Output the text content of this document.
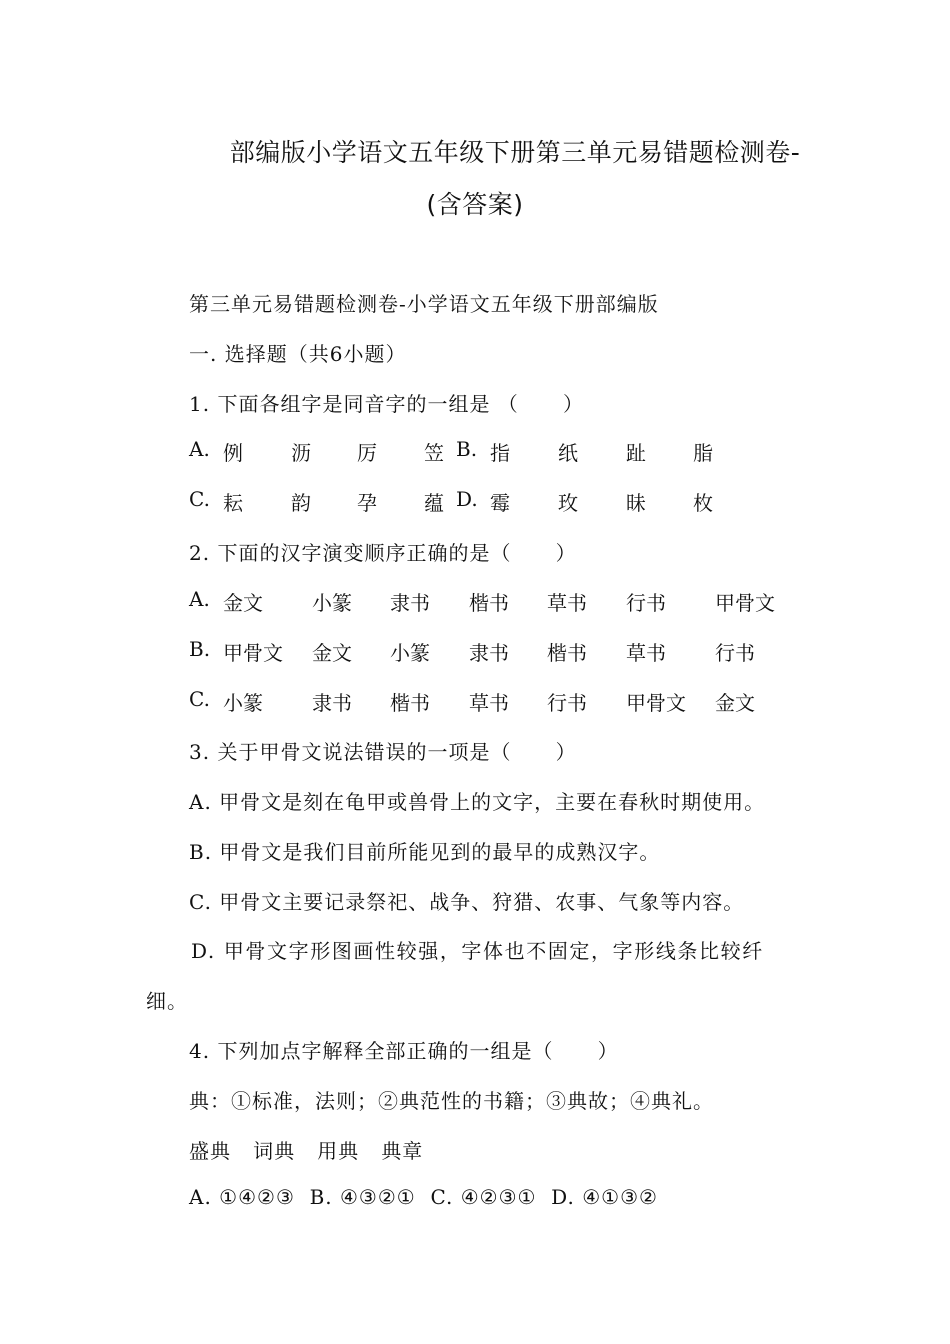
部编版小学语文五年级下册第三单元易错题检测卷-
(含答案)
第三单元易错题检测卷-小学语文五年级下册部编版
一. 选择题（共6小题）
1. 下面各组字是同音字的一组是 （      ）
A. 例 沥 厉 笠 B. 指 纸 趾 脂
C. 耘 韵 孕 蕴 D. 霉 玫 昧 枚
2. 下面的汉字演变顺序正确的是（      ）
A. 金文 小篆 隶书 楷书 草书 行书 甲骨文
B. 甲骨文 金文 小篆 隶书 楷书 草书 行书
C. 小篆 隶书 楷书 草书 行书 甲骨文 金文
3. 关于甲骨文说法错误的一项是（      ）
A. 甲骨文是刻在龟甲或兽骨上的文字，主要在春秋时期使用。
B. 甲骨文是我们目前所能见到的最早的成熟汉字。
C. 甲骨文主要记录祭祀、战争、狩猎、农事、气象等内容。
D. 甲骨文字形图画性较强，字体也不固定，字形线条比较纤
细。
4. 下列加点字解释全部正确的一组是（      ）
典：①标准，法则；②典范性的书籍；③典故；④典礼。
盛典   词典   用典   典章
A. ①④②③  B. ④③②①  C. ④②③①  D. ④①③②
